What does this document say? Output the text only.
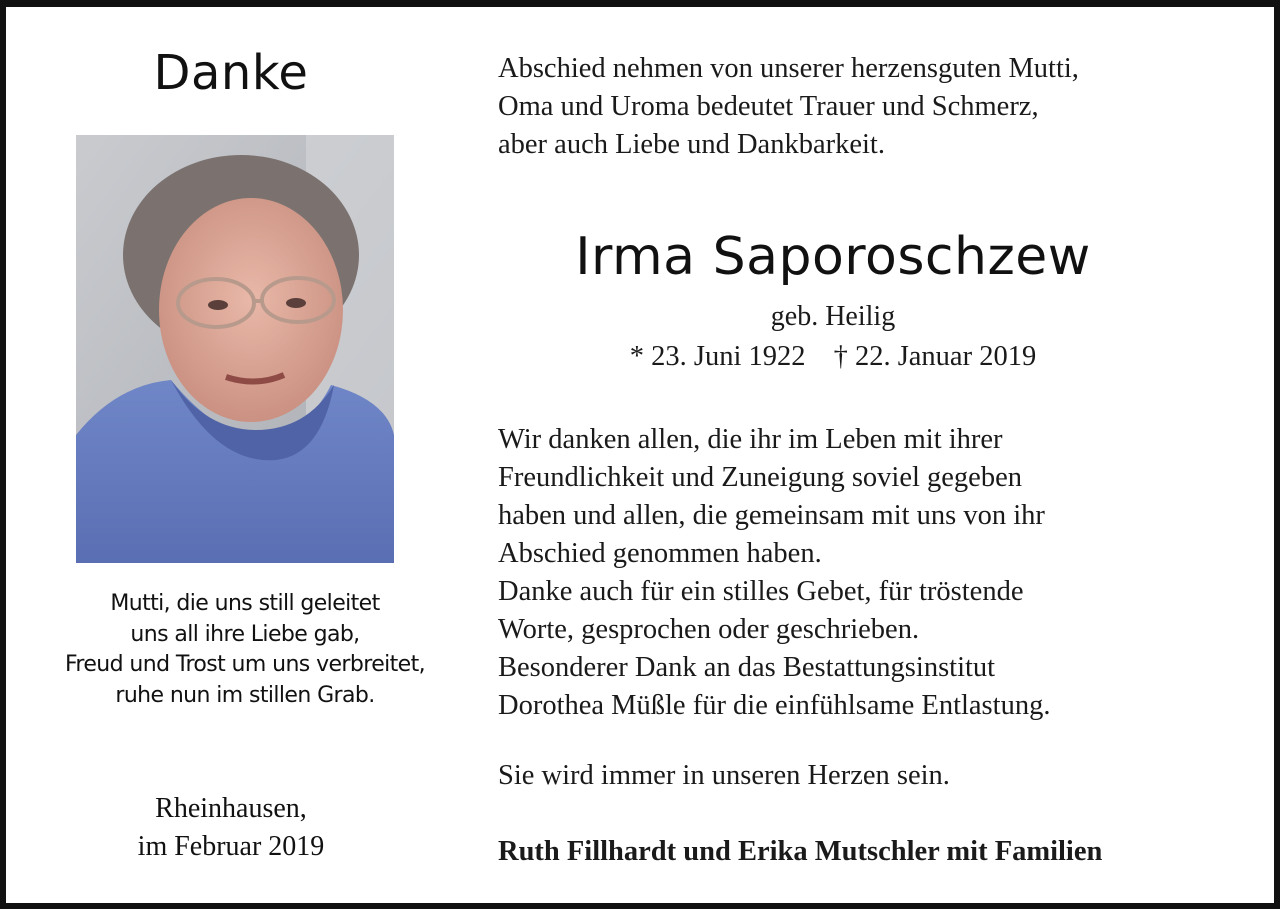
Danke
Mutti, die uns still geleitet
uns all ihre Liebe gab,
Freud und Trost um uns verbreitet,
ruhe nun im stillen Grab.
Rheinhausen,
im Februar 2019
Abschied nehmen von unserer herzensguten Mutti,
Oma und Uroma bedeutet Trauer und Schmerz,
aber auch Liebe und Dankbarkeit.
Irma Saporoschzew
geb. Heilig
* 23. Juni 1922 † 22. Januar 2019
Wir danken allen, die ihr im Leben mit ihrer
Freundlichkeit und Zuneigung soviel gegeben
haben und allen, die gemeinsam mit uns von ihr
Abschied genommen haben.
Danke auch für ein stilles Gebet, für tröstende
Worte, gesprochen oder geschrieben.
Besonderer Dank an das Bestattungsinstitut
Dorothea Müßle für die einfühlsame Entlastung.
Sie wird immer in unseren Herzen sein.
Ruth Fillhardt und Erika Mutschler mit Familien
